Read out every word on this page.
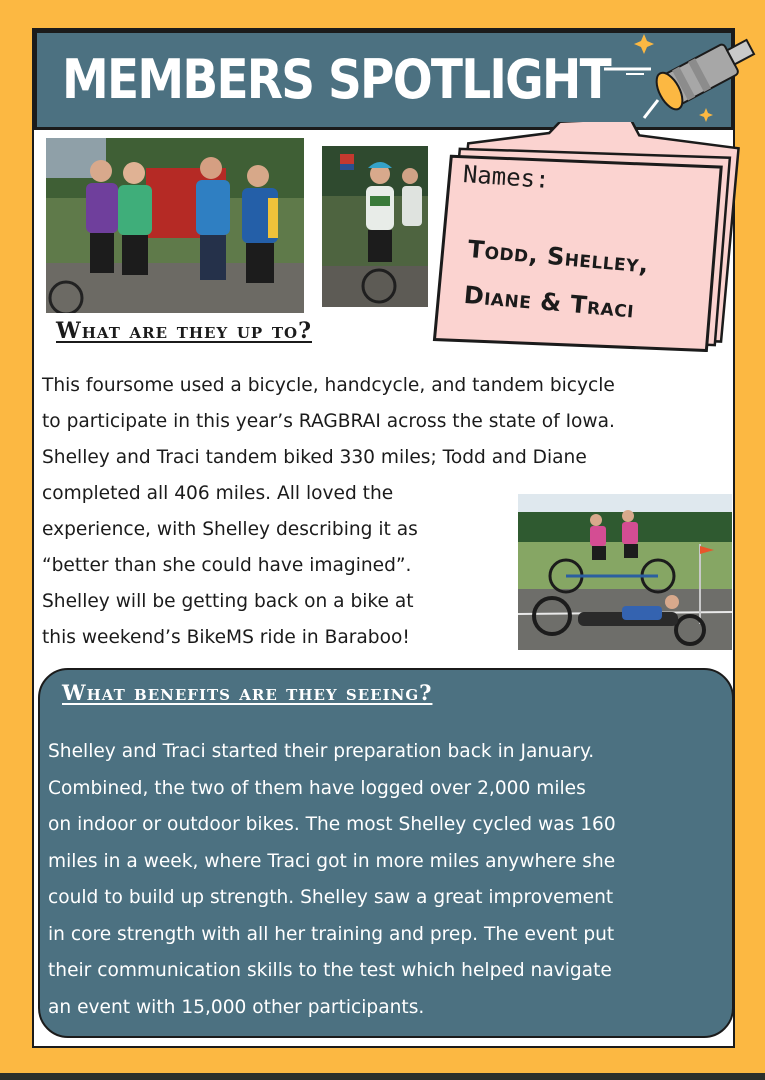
MEMBERS SPOTLIGHT
Names:
Todd, Shelley,
Diane & Traci
What are they up to?
This foursome used a bicycle, handcycle, and tandem bicycle
to participate in this year’s RAGBRAI across the state of Iowa.
Shelley and Traci tandem biked 330 miles; Todd and Diane
completed all 406 miles. All loved the
experience, with Shelley describing it as
“better than she could have imagined”.
Shelley will be getting back on a bike at
this weekend’s BikeMS ride in Baraboo!
What benefits are they seeing?
Shelley and Traci started their preparation back in January.
Combined, the two of them have logged over 2,000 miles
on indoor or outdoor bikes. The most Shelley cycled was 160
miles in a week, where Traci got in more miles anywhere she
could to build up strength. Shelley saw a great improvement
in core strength with all her training and prep. The event put
their communication skills to the test which helped navigate
an event with 15,000 other participants.
